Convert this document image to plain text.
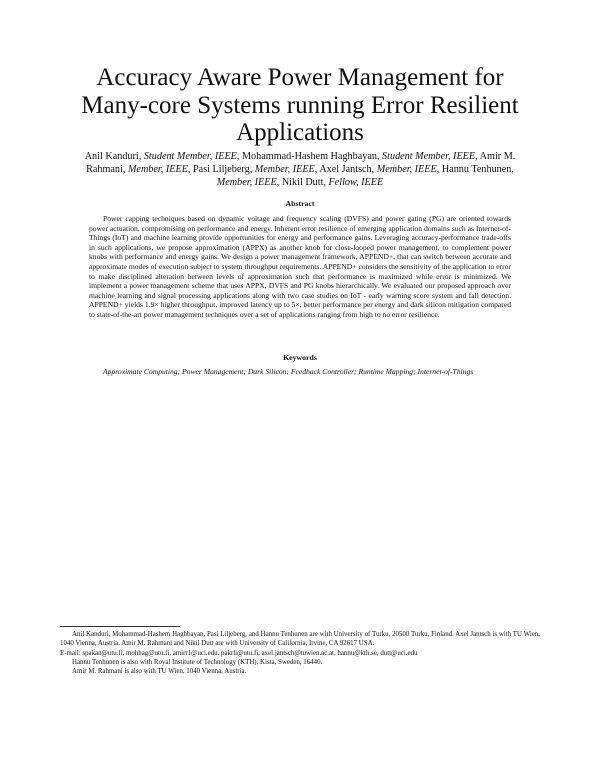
Accuracy Aware Power Management for Many-core Systems running Error Resilient Applications

Anil Kanduri, Student Member, IEEE, Mohammad-Hashem Haghbayan, Student Member, IEEE, Amir M. Rahmani, Member, IEEE, Pasi Liljeberg, Member, IEEE, Axel Jantsch, Member, IEEE, Hannu Tenhunen, Member, IEEE, Nikil Dutt, Fellow, IEEE

Abstract

Power capping techniques based on dynamic voltage and frequency scaling (DVFS) and power gating (PG) are oriented towards power actuation, compromising on performance and energy. Inherent error resilience of emerging application domains such as Internet-of-Things (IoT) and machine learning provide opportunities for energy and performance gains. Leveraging accuracy-performance trade-offs in such applications, we propose approximation (APPX) as another knob for close-looped power management, to complement power knobs with performance and energy gains. We design a power management framework, APPEND+, that can switch between accurate and approximate modes of execution subject to system throughput requirements. APPEND+ considers the sensitivity of the application to error to make disciplined alteration between levels of approximation such that performance is maximized while error is minimized. We implement a power management scheme that uses APPX, DVFS and PG knobs hierarchically. We evaluated our proposed approach over machine learning and signal processing applications along with two case studies on IoT - early warning score system and fall detection. APPEND+ yields 1.9× higher throughput, improved latency up to 5×, better performance per energy and dark silicon mitigation compared to state-of-the-art power management techniques over a set of applications ranging from high to no error resilience.

Keywords

Approximate Computing; Power Management; Dark Silicon; Feedback Controller; Runtime Mapping; Internet-of-Things

Anil Kanduri, Mohammad-Hashem Haghbayan, Pasi Liljeberg, and Hannu Tenhunen are with University of Turku, 20500 Turku, Finland. Axel Jantsch is with TU Wien, 1040 Vienna, Austria. Amir M. Rahmani and Nikil Dutt are with University of California, Irvine, CA 92617 USA.

E-mail: spakan@utu.fi, mohhag@utu.fi, amirr1@uci.edu, pakrli@utu.fi, axel.jantsch@tuwien.ac.at, hannu@kth.se, dutt@uci.edu

Hannu Tenhunen is also with Royal Institute of Technology (KTH), Kista, Sweden, 16440.

Amir M. Rahmani is also with TU Wien, 1040 Vienna, Austria.
